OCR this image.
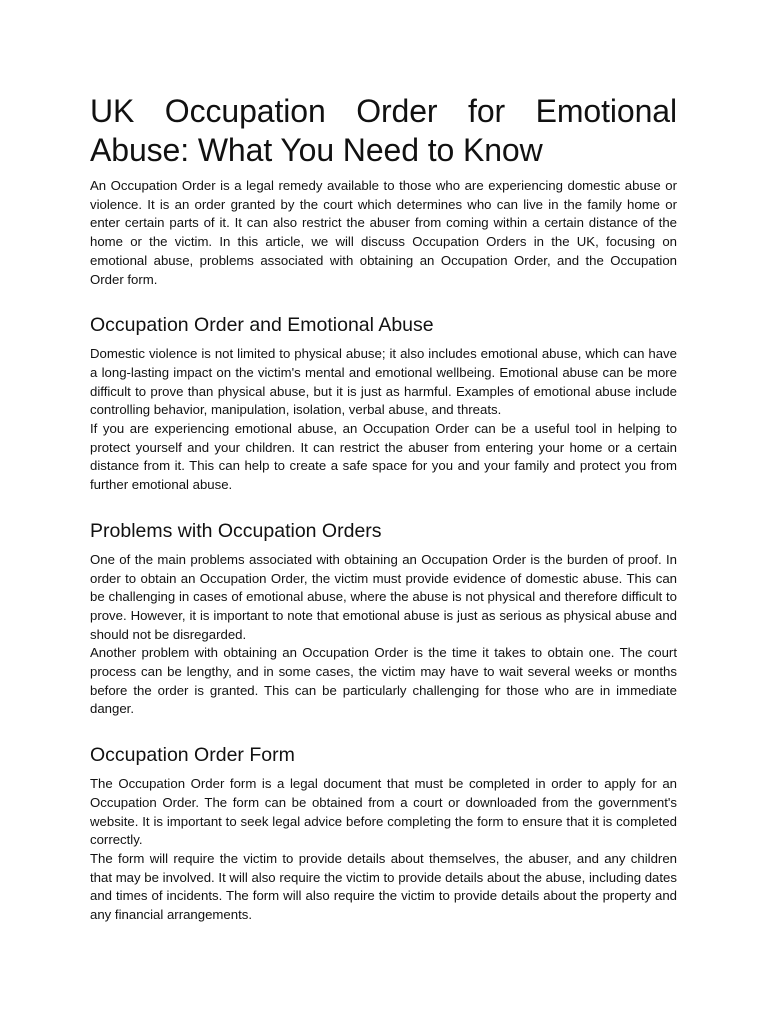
UK Occupation Order for Emotional
Abuse: What You Need to Know

An Occupation Order is a legal remedy available to those who are experiencing domestic abuse or violence. It is an order granted by the court which determines who can live in the family home or enter certain parts of it. It can also restrict the abuser from coming within a certain distance of the home or the victim. In this article, we will discuss Occupation Orders in the UK, focusing on emotional abuse, problems associated with obtaining an Occupation Order, and the Occupation Order form.

Occupation Order and Emotional Abuse

Domestic violence is not limited to physical abuse; it also includes emotional abuse, which can have a long-lasting impact on the victim's mental and emotional wellbeing. Emotional abuse can be more difficult to prove than physical abuse, but it is just as harmful. Examples of emotional abuse include controlling behavior, manipulation, isolation, verbal abuse, and threats.

If you are experiencing emotional abuse, an Occupation Order can be a useful tool in helping to protect yourself and your children. It can restrict the abuser from entering your home or a certain distance from it. This can help to create a safe space for you and your family and protect you from further emotional abuse.

Problems with Occupation Orders

One of the main problems associated with obtaining an Occupation Order is the burden of proof. In order to obtain an Occupation Order, the victim must provide evidence of domestic abuse. This can be challenging in cases of emotional abuse, where the abuse is not physical and therefore difficult to prove. However, it is important to note that emotional abuse is just as serious as physical abuse and should not be disregarded.

Another problem with obtaining an Occupation Order is the time it takes to obtain one. The court process can be lengthy, and in some cases, the victim may have to wait several weeks or months before the order is granted. This can be particularly challenging for those who are in immediate danger.

Occupation Order Form

The Occupation Order form is a legal document that must be completed in order to apply for an Occupation Order. The form can be obtained from a court or downloaded from the government's website. It is important to seek legal advice before completing the form to ensure that it is completed correctly.

The form will require the victim to provide details about themselves, the abuser, and any children that may be involved. It will also require the victim to provide details about the abuse, including dates and times of incidents. The form will also require the victim to provide details about the property and any financial arrangements.
